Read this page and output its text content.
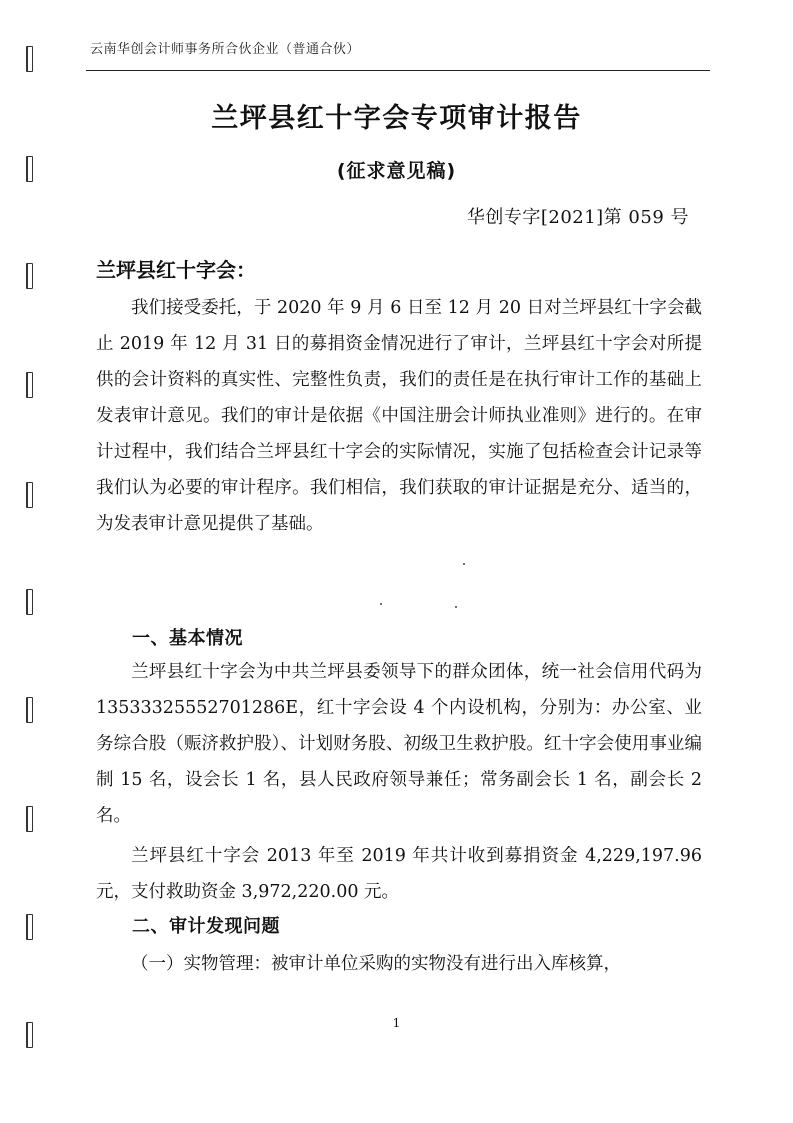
云南华创会计师事务所合伙企业（普通合伙）
兰坪县红十字会专项审计报告
(征求意见稿)
华创专字[2021]第 059 号
兰坪县红十字会：
我们接受委托，于 2020 年 9 月 6 日至 12 月 20 日对兰坪县红十字会截止 2019 年 12 月 31 日的募捐资金情况进行了审计，兰坪县红十字会对所提供的会计资料的真实性、完整性负责，我们的责任是在执行审计工作的基础上发表审计意见。我们的审计是依据《中国注册会计师执业准则》进行的。在审计过程中，我们结合兰坪县红十字会的实际情况，实施了包括检查会计记录等我们认为必要的审计程序。我们相信，我们获取的审计证据是充分、适当的，为发表审计意见提供了基础。
一、基本情况
兰坪县红十字会为中共兰坪县委领导下的群众团体，统一社会信用代码为 13533325552701286E，红十字会设 4 个内设机构，分别为：办公室、业务综合股（赈济救护股）、计划财务股、初级卫生救护股。红十字会使用事业编制 15 名，设会长 1 名，县人民政府领导兼任；常务副会长 1 名，副会长 2 名。
兰坪县红十字会 2013 年至 2019 年共计收到募捐资金 4,229,197.96 元，支付救助资金 3,972,220.00 元。
二、审计发现问题
（一）实物管理：被审计单位采购的实物没有进行出入库核算，
1
